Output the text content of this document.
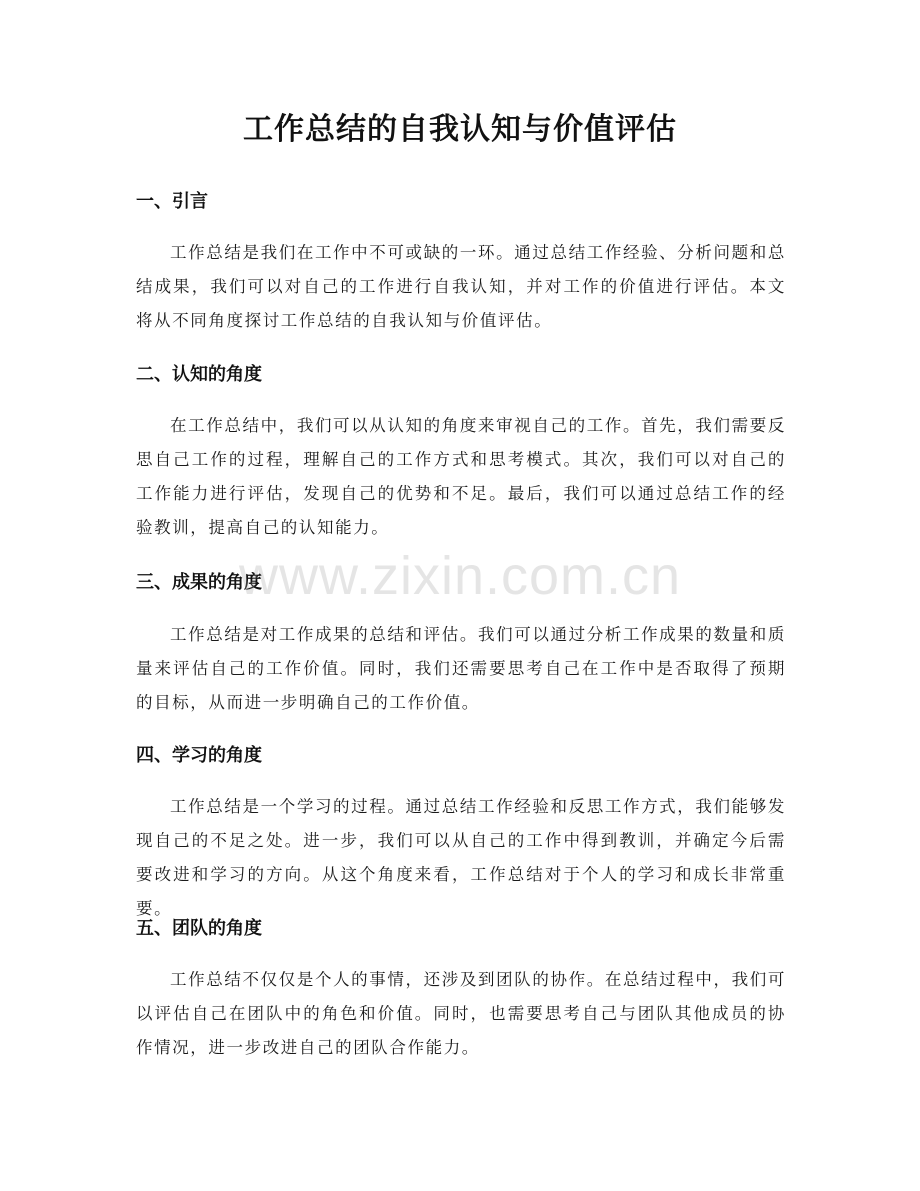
工作总结的自我认知与价值评估
一、引言

工作总结是我们在工作中不可或缺的一环。通过总结工作经验、分析问题和总结成果，我们可以对自己的工作进行自我认知，并对工作的价值进行评估。本文将从不同角度探讨工作总结的自我认知与价值评估。

二、认知的角度

在工作总结中，我们可以从认知的角度来审视自己的工作。首先，我们需要反思自己工作的过程，理解自己的工作方式和思考模式。其次，我们可以对自己的工作能力进行评估，发现自己的优势和不足。最后，我们可以通过总结工作的经验教训，提高自己的认知能力。

三、成果的角度

工作总结是对工作成果的总结和评估。我们可以通过分析工作成果的数量和质量来评估自己的工作价值。同时，我们还需要思考自己在工作中是否取得了预期的目标，从而进一步明确自己的工作价值。

四、学习的角度

工作总结是一个学习的过程。通过总结工作经验和反思工作方式，我们能够发现自己的不足之处。进一步，我们可以从自己的工作中得到教训，并确定今后需要改进和学习的方向。从这个角度来看，工作总结对于个人的学习和成长非常重要。

五、团队的角度

工作总结不仅仅是个人的事情，还涉及到团队的协作。在总结过程中，我们可以评估自己在团队中的角色和价值。同时，也需要思考自己与团队其他成员的协作情况，进一步改进自己的团队合作能力。

www.zixin.com.cn
